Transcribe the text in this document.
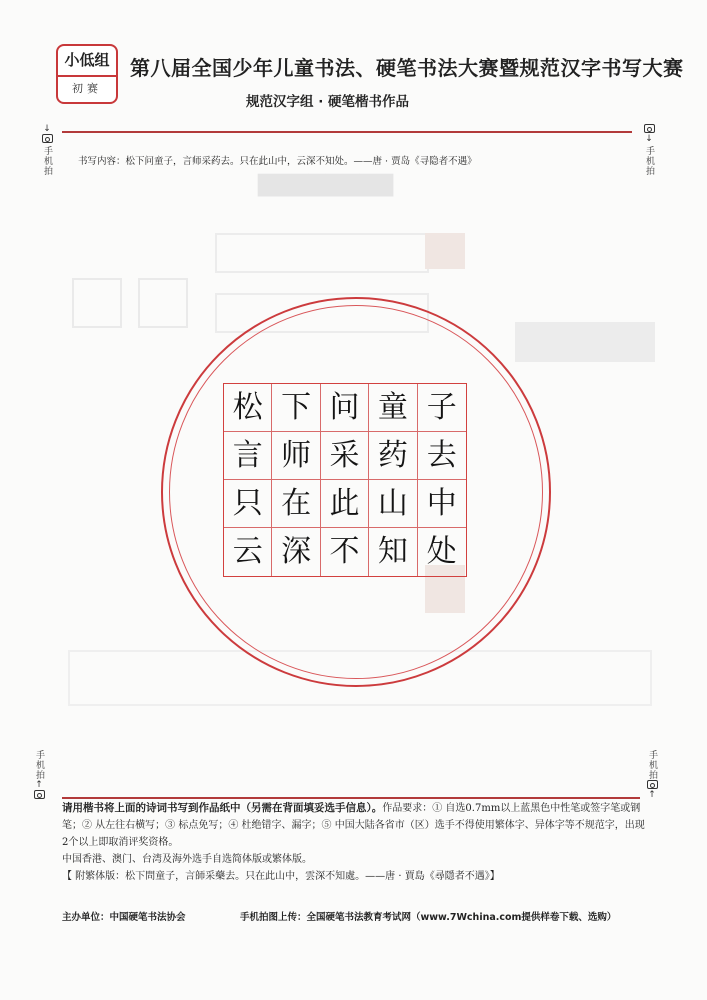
▇▇▇▇▇▇▇▇
小低组
初赛
第八届全国少年儿童书法、硬笔书法大赛暨规范汉字书写大赛
规范汉字组 · 硬笔楷书作品
↓
手机拍
↓
手机拍
书写内容：松下问童子，言师采药去。只在此山中，云深不知处。——唐 · 贾岛《寻隐者不遇》
松 下 问 童 子
言 师 采 药 去
只 在 此 山 中
云 深 不 知 处
手机拍
↑
手机拍
↑

请用楷书将上面的诗词书写到作品纸中（另需在背面填妥选手信息）。作品要求：① 自选0.7mm以上蓝黑色中性笔或签字笔或钢笔；② 从左往右横写；③ 标点免写；④ 杜绝错字、漏字；⑤ 中国大陆各省市（区）选手不得使用繁体字、异体字等不规范字，出现2个以上即取消评奖资格。

中国香港、澳门、台湾及海外选手自选简体版或繁体版。

【 附繁体版：松下問童子，言師采藥去。只在此山中，雲深不知處。——唐 · 賈島《尋隱者不遇》】

主办单位：中国硬笔书法协会	手机拍图上传：全国硬笔书法教育考试网（www.7Wchina.com提供样卷下载、选购）
